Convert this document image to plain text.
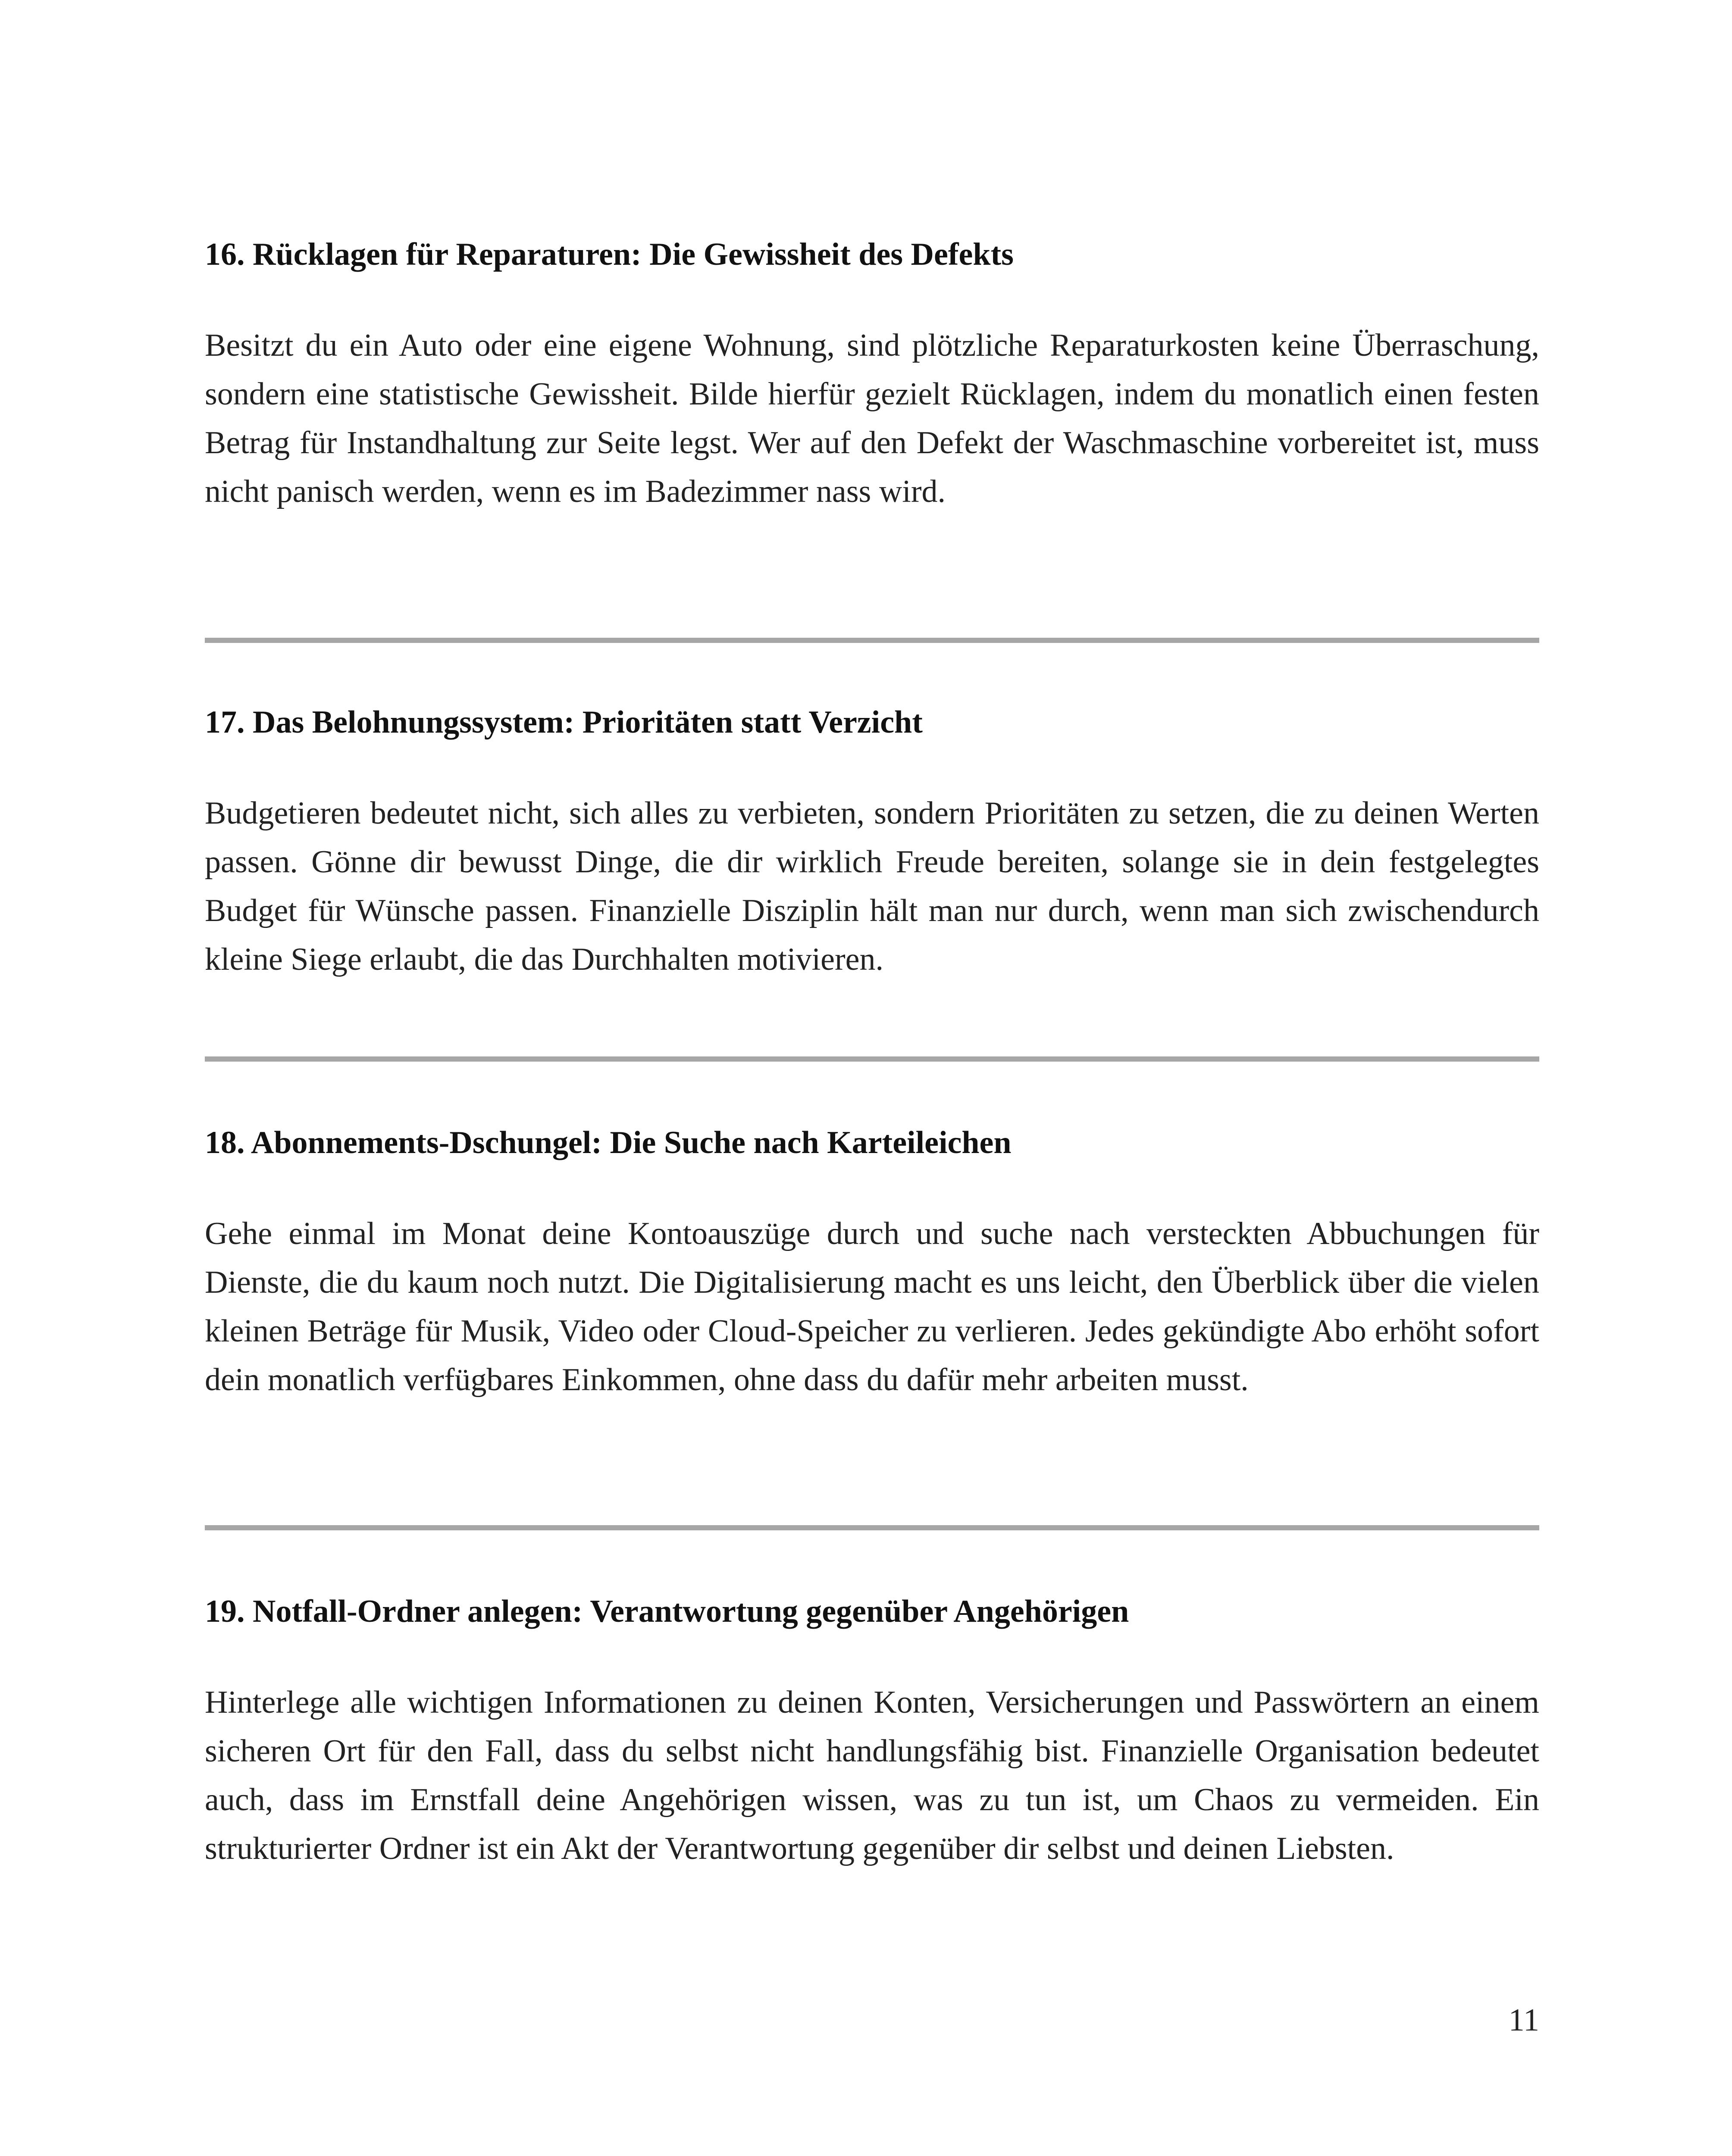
16. Rücklagen für Reparaturen: Die Gewissheit des Defekts

Besitzt du ein Auto oder eine eigene Wohnung, sind plötzliche Reparaturkosten keine Überraschung, sondern eine statistische Gewissheit. Bilde hierfür gezielt Rücklagen, indem du monatlich einen festen Betrag für Instandhaltung zur Seite legst. Wer auf den Defekt der Waschmaschine vorbereitet ist, muss nicht panisch werden, wenn es im Badezimmer nass wird.

17. Das Belohnungssystem: Prioritäten statt Verzicht

Budgetieren bedeutet nicht, sich alles zu verbieten, sondern Prioritäten zu setzen, die zu deinen Werten passen. Gönne dir bewusst Dinge, die dir wirklich Freude bereiten, solange sie in dein festgelegtes Budget für Wünsche passen. Finanzielle Disziplin hält man nur durch, wenn man sich zwischendurch kleine Siege erlaubt, die das Durchhalten motivieren.

18. Abonnements-Dschungel: Die Suche nach Karteileichen

Gehe einmal im Monat deine Kontoauszüge durch und suche nach versteckten Abbuchungen für Dienste, die du kaum noch nutzt. Die Digitalisierung macht es uns leicht, den Überblick über die vielen kleinen Beträge für Musik, Video oder Cloud-Speicher zu verlieren. Jedes gekündigte Abo erhöht sofort dein monatlich verfügbares Einkommen, ohne dass du dafür mehr arbeiten musst.

19. Notfall-Ordner anlegen: Verantwortung gegenüber Angehörigen

Hinterlege alle wichtigen Informationen zu deinen Konten, Versicherungen und Passwörtern an einem sicheren Ort für den Fall, dass du selbst nicht handlungsfähig bist. Finanzielle Organisation bedeutet auch, dass im Ernstfall deine Angehörigen wissen, was zu tun ist, um Chaos zu vermeiden. Ein strukturierter Ordner ist ein Akt der Verantwortung gegenüber dir selbst und deinen Liebsten.

11
